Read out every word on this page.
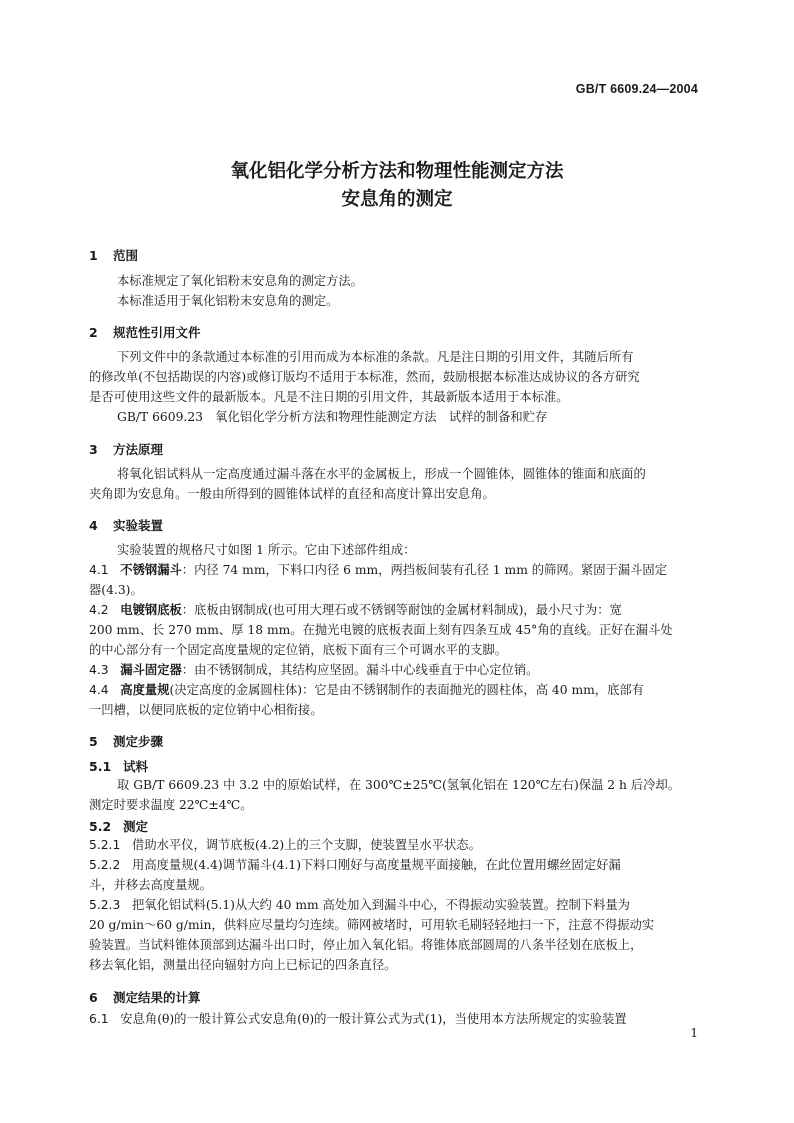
GB/T 6609.24—2004
氧化铝化学分析方法和物理性能测定方法
安息角的测定
1 范围
本标准规定了氧化铝粉末安息角的测定方法。
本标准适用于氧化铝粉末安息角的测定。
2 规范性引用文件
下列文件中的条款通过本标准的引用而成为本标准的条款。凡是注日期的引用文件，其随后所有
的修改单(不包括勘误的内容)或修订版均不适用于本标准，然而，鼓励根据本标准达成协议的各方研究
是否可使用这些文件的最新版本。凡是不注日期的引用文件，其最新版本适用于本标准。
GB/T 6609.23　氧化铝化学分析方法和物理性能测定方法　试样的制备和贮存
3 方法原理
将氧化铝试料从一定高度通过漏斗落在水平的金属板上，形成一个圆锥体，圆锥体的锥面和底面的
夹角即为安息角。一般由所得到的圆锥体试样的直径和高度计算出安息角。
4 实验装置
实验装置的规格尺寸如图 1 所示。它由下述部件组成：
4.1 不锈钢漏斗：内径 74 mm，下料口内径 6 mm，两挡板间装有孔径 1 mm 的筛网。紧固于漏斗固定
器(4.3)。
4.2 电镀钢底板：底板由钢制成(也可用大理石或不锈钢等耐蚀的金属材料制成)，最小尺寸为：宽
200 mm、长 270 mm、厚 18 mm。在抛光电镀的底板表面上刻有四条互成 45°角的直线。正好在漏斗处
的中心部分有一个固定高度量规的定位销，底板下面有三个可调水平的支脚。
4.3 漏斗固定器：由不锈钢制成，其结构应坚固。漏斗中心线垂直于中心定位销。
4.4 高度量规(决定高度的金属圆柱体)：它是由不锈钢制作的表面抛光的圆柱体，高 40 mm，底部有
一凹槽，以便同底板的定位销中心相衔接。
5 测定步骤
5.1 试料
取 GB/T 6609.23 中 3.2 中的原始试样，在 300℃±25℃(氢氧化铝在 120℃左右)保温 2 h 后冷却。
测定时要求温度 22℃±4℃。
5.2 测定
5.2.1 借助水平仪，调节底板(4.2)上的三个支脚，使装置呈水平状态。
5.2.2 用高度量规(4.4)调节漏斗(4.1)下料口刚好与高度量规平面接触，在此位置用螺丝固定好漏
斗，并移去高度量规。
5.2.3 把氧化铝试料(5.1)从大约 40 mm 高处加入到漏斗中心，不得振动实验装置。控制下料量为
20 g/min～60 g/min，供料应尽量均匀连续。筛网被堵时，可用软毛刷轻轻地扫一下，注意不得振动实
验装置。当试料锥体顶部到达漏斗出口时，停止加入氧化铝。将锥体底部圆周的八条半径划在底板上，
移去氧化铝，测量出径向辐射方向上已标记的四条直径。
6 测定结果的计算
6.1 安息角(θ)的一般计算公式安息角(θ)的一般计算公式为式(1)，当使用本方法所规定的实验装置
1
